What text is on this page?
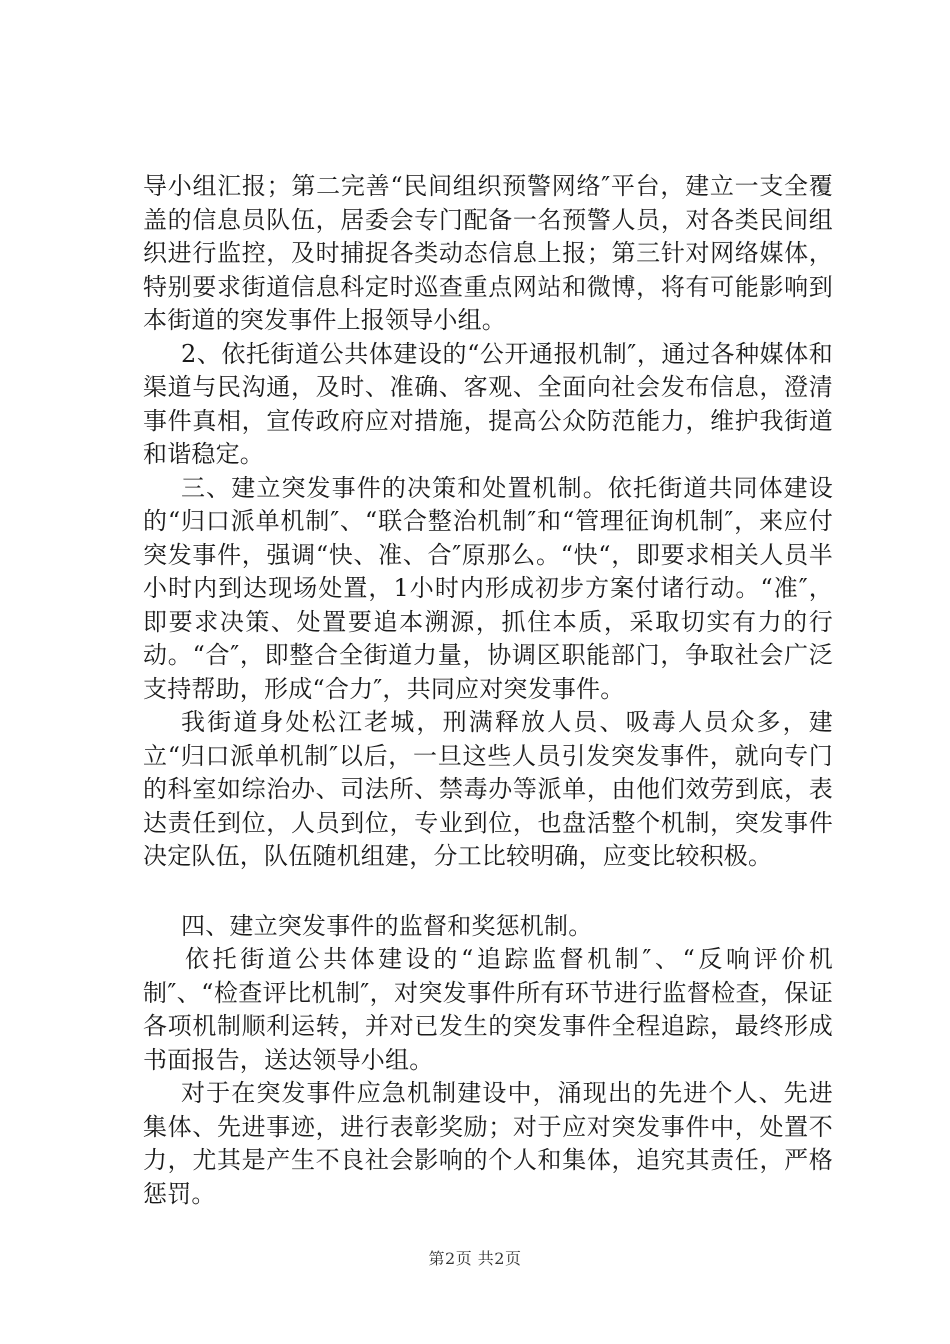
导小组汇报；第二完善“民间组织预警网络″平台，建立一支全覆盖的信息员队伍，居委会专门配备一名预警人员，对各类民间组织进行监控，及时捕捉各类动态信息上报；第三针对网络媒体，特别要求街道信息科定时巡查重点网站和微博，将有可能影响到本街道的突发事件上报领导小组。

2、依托街道公共体建设的“公开通报机制″，通过各种媒体和渠道与民沟通，及时、准确、客观、全面向社会发布信息，澄清事件真相，宣传政府应对措施，提高公众防范能力，维护我街道和谐稳定。

三、建立突发事件的决策和处置机制。依托街道共同体建设的“归口派单机制″、“联合整治机制″和“管理征询机制″，来应付突发事件，强调“快、准、合″原那么。“快“，即要求相关人员半小时内到达现场处置，1小时内形成初步方案付诸行动。“准″，即要求决策、处置要追本溯源，抓住本质，采取切实有力的行动。“合″，即整合全街道力量，协调区职能部门，争取社会广泛支持帮助，形成“合力″，共同应对突发事件。

我街道身处松江老城，刑满释放人员、吸毒人员众多，建立“归口派单机制″以后，一旦这些人员引发突发事件，就向专门的科室如综治办、司法所、禁毒办等派单，由他们效劳到底，表达责任到位，人员到位，专业到位，也盘活整个机制，突发事件决定队伍，队伍随机组建，分工比较明确，应变比较积极。

四、建立突发事件的监督和奖惩机制。

依托街道公共体建设的“追踪监督机制″、“反响评价机制″、“检查评比机制″，对突发事件所有环节进行监督检查，保证各项机制顺利运转，并对已发生的突发事件全程追踪，最终形成书面报告，送达领导小组。

对于在突发事件应急机制建设中，涌现出的先进个人、先进集体、先进事迹，进行表彰奖励；对于应对突发事件中，处置不力，尤其是产生不良社会影响的个人和集体，追究其责任，严格惩罚。

第2页 共2页
